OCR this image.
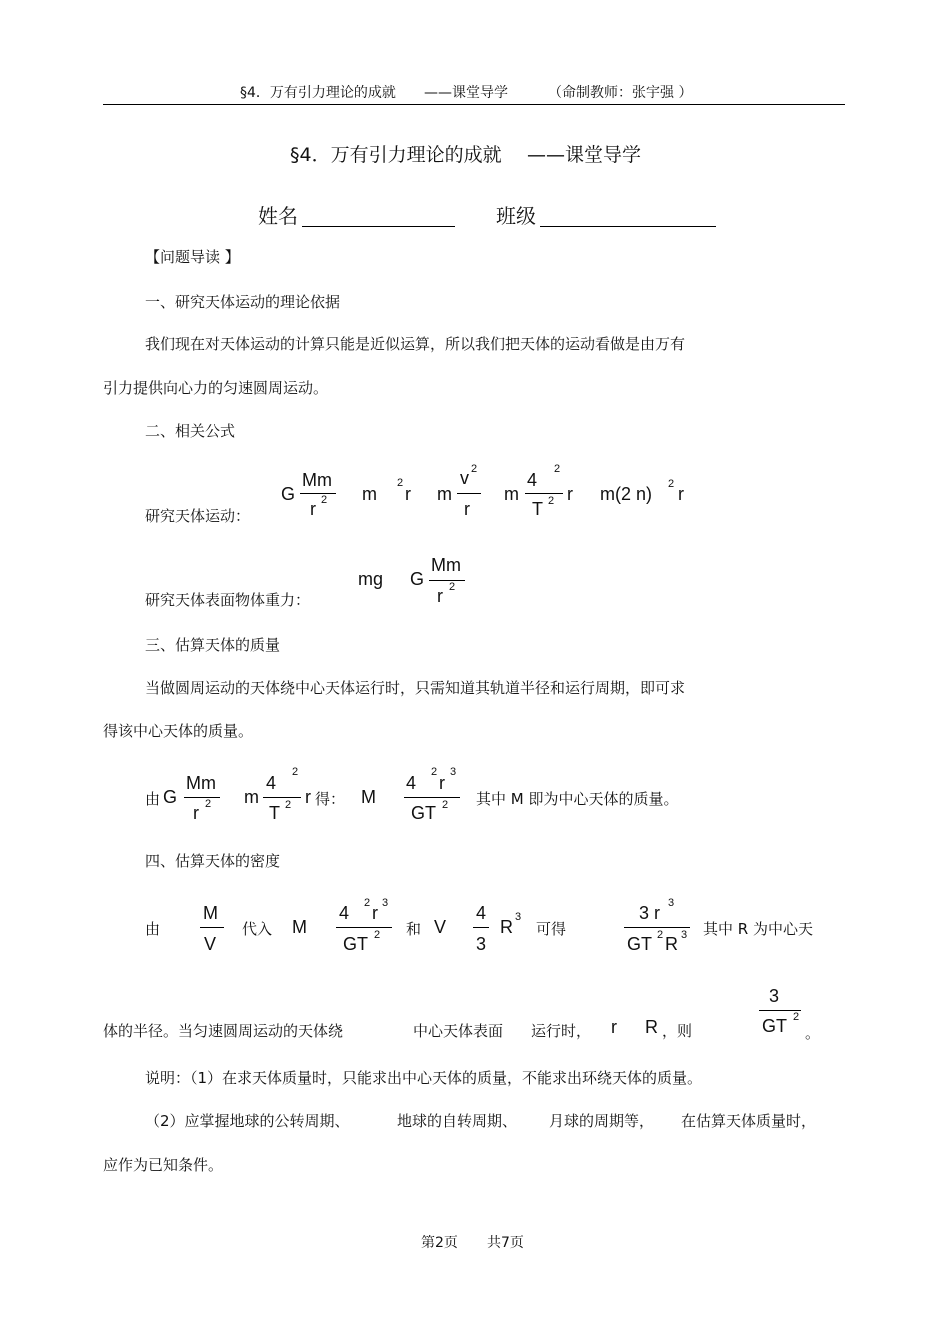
§4．万有引力理论的成就 ——课堂导学	（命制教师：张宇强 ）
§4．万有引力理论的成就 ——课堂导学
姓名	班级
【问题导读 】
一、研究天体运动的理论依据
我们现在对天体运动的计算只能是近似运算，所以我们把天体的运动看做是由万有
引力提供向心力的匀速圆周运动。
二、相关公式
研究天体运动：
G
Mm
r 2 m
2
r m
v 2
r
m
4
2
T 2 r m(2 n) 2 r
研究天体表面物体重力：
mg G
Mm
r 2
三、估算天体的质量
当做圆周运动的天体绕中心天体运行时，只需知道其轨道半径和运行周期，即可求
得该中心天体的质量。
由 G
Mm
r 2 m
4
2
T 2 r 得： M
4
2
r
3
GT 2 其中 M 即为中心天体的质量。
四、估算天体的密度
由
M
V
代入 M
4 2 r 3
GT 2 和 V
4
3
R 3
可得
3 r 3
GT 2 R 3 其中 R 为中心天
体的半径。当匀速圆周运动的天体绕	中心天体表面 运行时， r R ，则
3
GT 2
。
说明：（1）在求天体质量时，只能求出中心天体的质量，不能求出环绕天体的质量。
（2）应掌握地球的公转周期、	地球的自转周期、 月球的周期等， 在估算天体质量时，
应作为已知条件。
第2页 共7页
